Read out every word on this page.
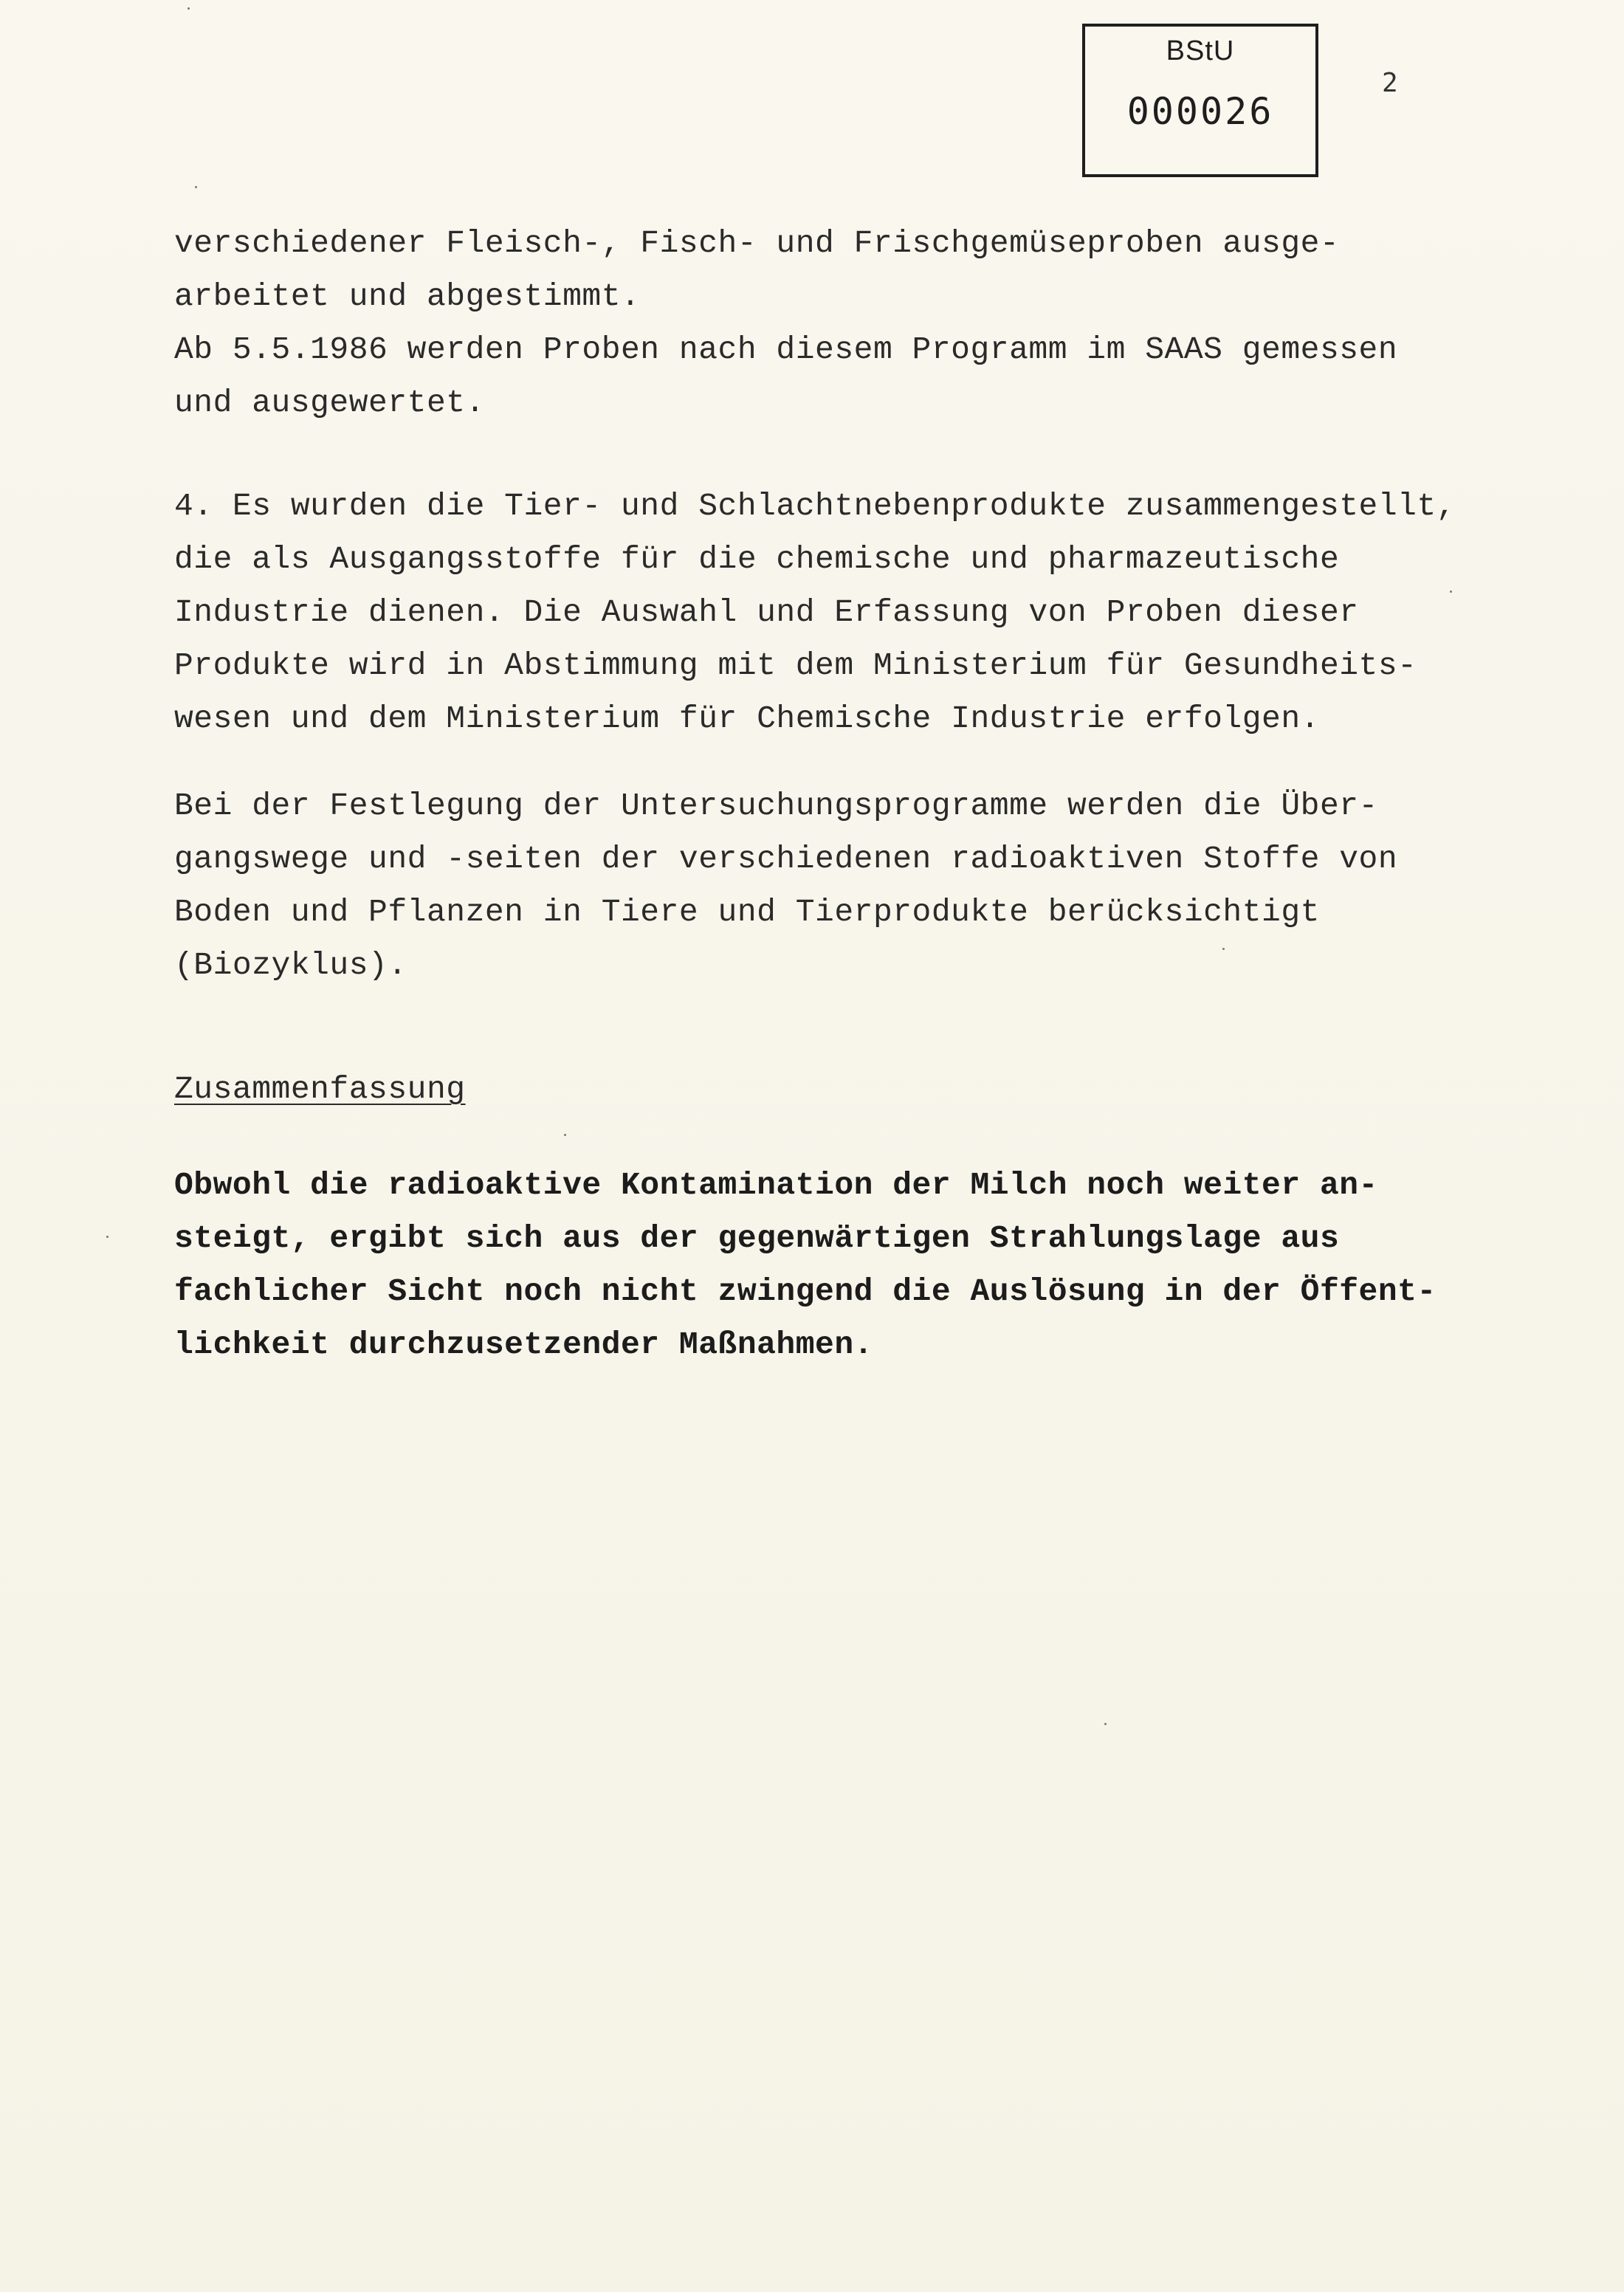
BStU
000026
2
verschiedener Fleisch-, Fisch- und Frischgemüseproben ausge-
arbeitet und abgestimmt.
Ab 5.5.1986 werden Proben nach diesem Programm im SAAS gemessen
und ausgewertet.
4. Es wurden die Tier- und Schlachtnebenprodukte zusammengestellt,
die als Ausgangsstoffe für die chemische und pharmazeutische
Industrie dienen. Die Auswahl und Erfassung von Proben dieser
Produkte wird in Abstimmung mit dem Ministerium für Gesundheits-
wesen und dem Ministerium für Chemische Industrie erfolgen.
Bei der Festlegung der Untersuchungsprogramme werden die Über-
gangswege und -seiten der verschiedenen radioaktiven Stoffe von
Boden und Pflanzen in Tiere und Tierprodukte berücksichtigt
(Biozyklus).
Zusammenfassung
Obwohl die radioaktive Kontamination der Milch noch weiter an-
steigt, ergibt sich aus der gegenwärtigen Strahlungslage aus
fachlicher Sicht noch nicht zwingend die Auslösung in der Öffent-
lichkeit durchzusetzender Maßnahmen.
